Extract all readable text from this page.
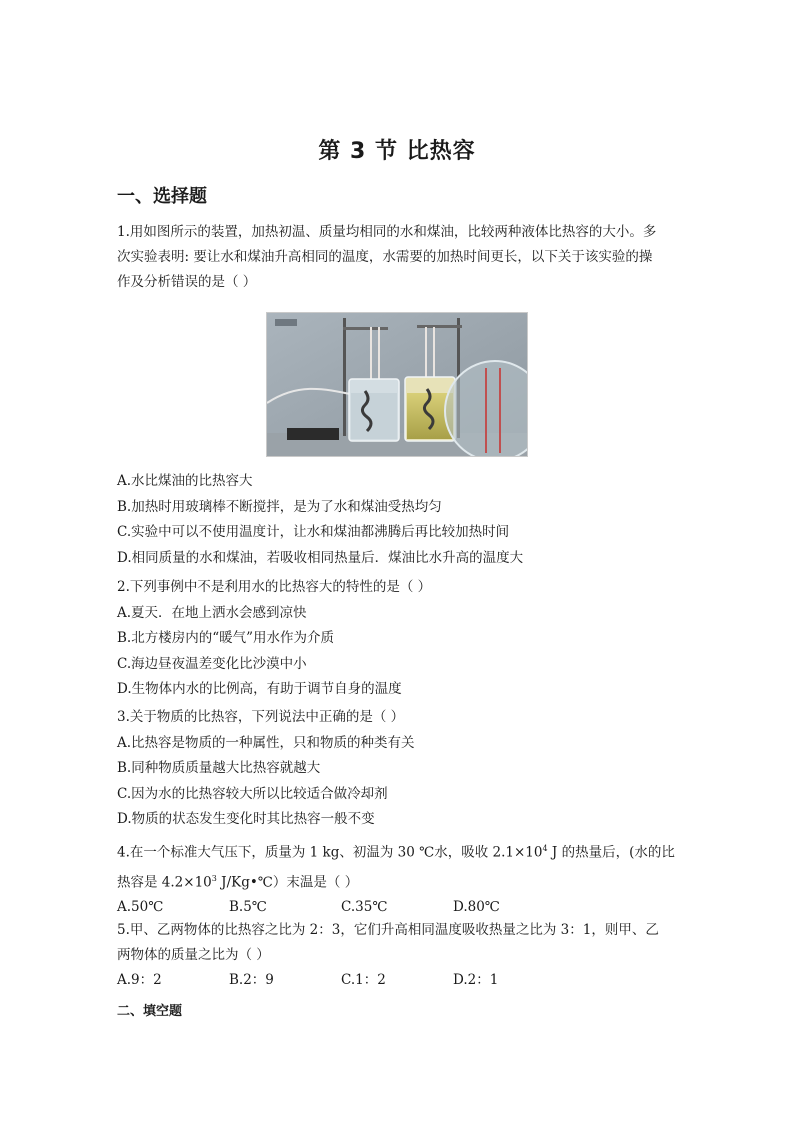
第 3 节 比热容
一、选择题
1.用如图所示的装置，加热初温、质量均相同的水和煤油，比较两种液体比热容的大小。多
次实验表明: 要让水和煤油升高相同的温度，水需要的加热时间更长，以下关于该实验的操
作及分析错误的是（ ）
A.水比煤油的比热容大
B.加热时用玻璃棒不断搅拌，是为了水和煤油受热均匀
C.实验中可以不使用温度计，让水和煤油都沸腾后再比较加热时间
D.相同质量的水和煤油，若吸收相同热量后．煤油比水升高的温度大
2.下列事例中不是利用水的比热容大的特性的是（ ）
A.夏天．在地上洒水会感到凉快
B.北方楼房内的“暖气”用水作为介质
C.海边昼夜温差变化比沙漠中小
D.生物体内水的比例高，有助于调节自身的温度
3.关于物质的比热容，下列说法中正确的是（ ）
A.比热容是物质的一种属性，只和物质的种类有关
B.同种物质质量越大比热容就越大
C.因为水的比热容较大所以比较适合做冷却剂
D.物质的状态发生变化时其比热容一般不变
4.在一个标准大气压下，质量为 1 kg、初温为 30 ℃水，吸收 $2.1\times 10^4$ J 的热量后，(水的比
热容是 $4.2\times 10^3$ J/Kg•℃）末温是（ ）
A.50℃	B.5℃	C.35℃	D.80℃
5.甲、乙两物体的比热容之比为 2：3，它们升高相同温度吸收热量之比为 3：1，则甲、乙
两物体的质量之比为（ ）
A.9：2	B.2：9	C.1：2	D.2：1
二、填空题
